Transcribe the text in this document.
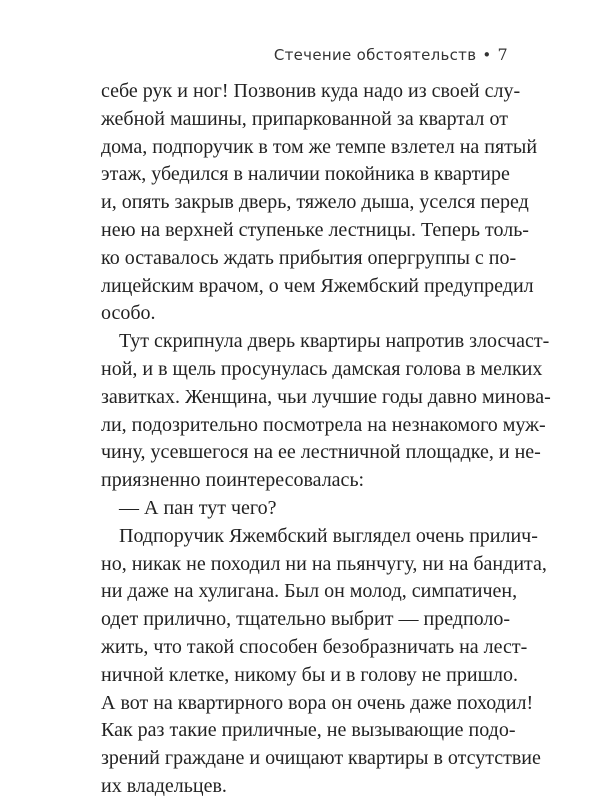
Стечение обстоятельств • 7
себе рук и ног! Позвонив куда надо из своей слу-
жебной машины, припаркованной за квартал от
дома, подпоручик в том же темпе взлетел на пятый
этаж, убедился в наличии покойника в квартире
и, опять закрыв дверь, тяжело дыша, уселся перед
нею на верхней ступеньке лестницы. Теперь толь-
ко оставалось ждать прибытия опергруппы с по-
лицейским врачом, о чем Яжембский предупредил
особо.
Тут скрипнула дверь квартиры напротив злосчаст-
ной, и в щель просунулась дамская голова в мелких
завитках. Женщина, чьи лучшие годы давно минова-
ли, подозрительно посмотрела на незнакомого муж-
чину, усевшегося на ее лестничной площадке, и не-
приязненно поинтересовалась:
— А пан тут чего?
Подпоручик Яжембский выглядел очень прилич-
но, никак не походил ни на пьянчугу, ни на бандита,
ни даже на хулигана. Был он молод, симпатичен,
одет прилично, тщательно выбрит — предполо-
жить, что такой способен безобразничать на лест-
ничной клетке, никому бы и в голову не пришло.
А вот на квартирного вора он очень даже походил!
Как раз такие приличные, не вызывающие подо-
зрений граждане и очищают квартиры в отсутствие
их владельцев.
